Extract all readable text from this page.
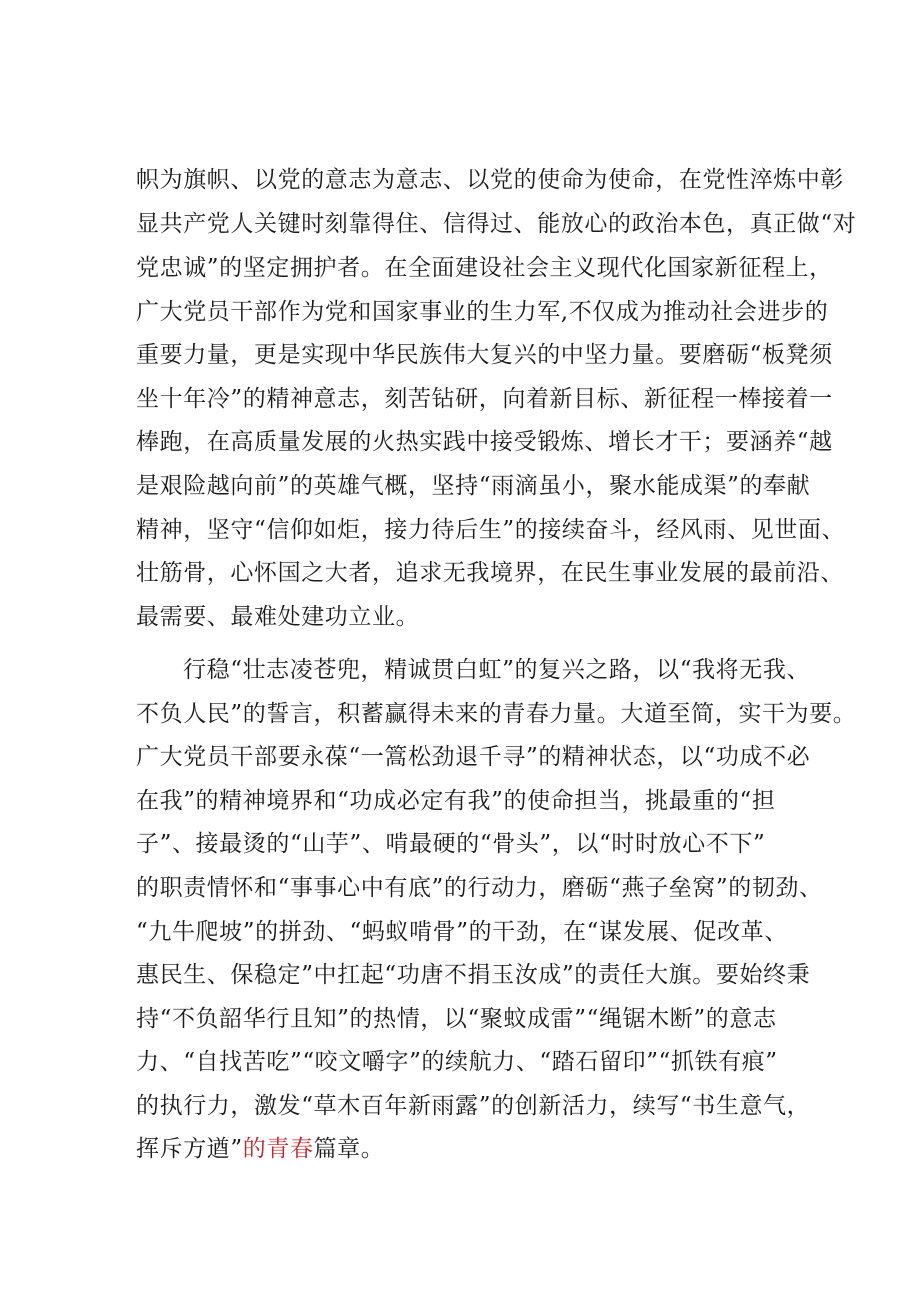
帜为旗帜、以党的意志为意志、以党的使命为使命，在党性淬炼中彰
显共产党人关键时刻靠得住、信得过、能放心的政治本色，真正做“对
党忠诚”的坚定拥护者。在全面建设社会主义现代化国家新征程上，
广大党员干部作为党和国家事业的生力军,不仅成为推动社会进步的
重要力量，更是实现中华民族伟大复兴的中坚力量。要磨砺“板凳须
坐十年冷”的精神意志，刻苦钻研，向着新目标、新征程一棒接着一
棒跑，在高质量发展的火热实践中接受锻炼、增长才干；要涵养“越
是艰险越向前”的英雄气概，坚持“雨滴虽小，聚水能成渠”的奉献
精神，坚守“信仰如炬，接力待后生”的接续奋斗，经风雨、见世面、
壮筋骨，心怀国之大者，追求无我境界，在民生事业发展的最前沿、
最需要、最难处建功立业。
行稳“壮志凌苍兜，精诚贯白虹”的复兴之路，以“我将无我、
不负人民”的誓言，积蓄赢得未来的青春力量。大道至简，实干为要。
广大党员干部要永葆“一篙松劲退千寻”的精神状态，以“功成不必
在我”的精神境界和“功成必定有我”的使命担当，挑最重的“担
子”、接最烫的“山芋”、啃最硬的“骨头”，以“时时放心不下”
的职责情怀和“事事心中有底”的行动力，磨砺“燕子垒窝”的韧劲、
“九牛爬坡”的拼劲、“蚂蚁啃骨”的干劲，在“谋发展、促改革、
惠民生、保稳定”中扛起“功唐不捐玉汝成”的责任大旗。要始终秉
持“不负韶华行且知”的热情，以“聚蚊成雷”“绳锯木断”的意志
力、“自找苦吃”“咬文嚼字”的续航力、“踏石留印”“抓铁有痕”
的执行力，激发“草木百年新雨露”的创新活力，续写“书生意气，
挥斥方遒”的青春篇章。
